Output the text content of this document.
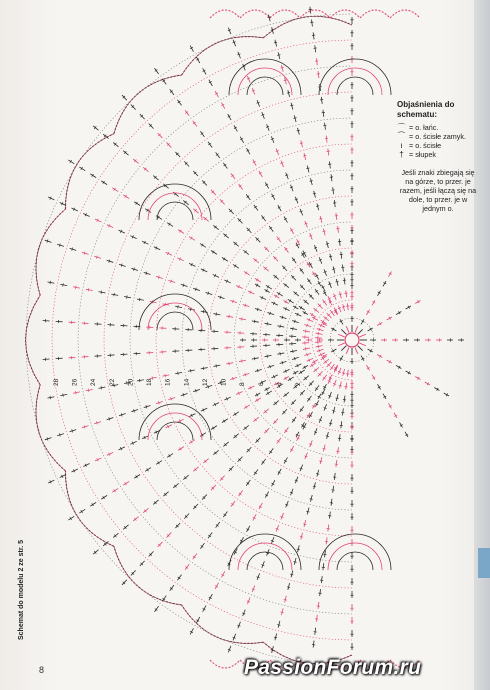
28 26 24 22 20 18 16 14 12 10 8 6 4 2
Objaśnienia do schematu:
⌒ = o. łańc.
⁀ = o. ścisłe zamyk.
ı = o. ścisłe
† = słupek
Jeśli znaki zbiegają się na górze, to przer. je razem, jeśli łączą się na dole, to przer. je w jednym o.
Schemat do modelu 2 ze str. 5
8	PassionForum.ru
